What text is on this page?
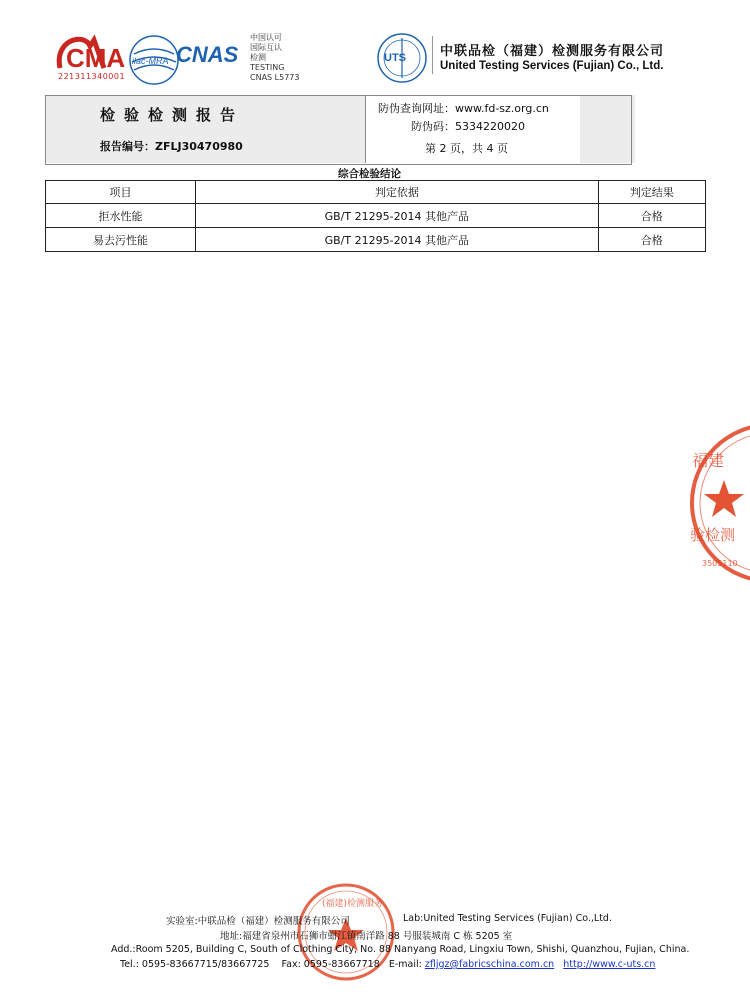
CMA
221311340001
ilac-MRA CNAS
中国认可
国际互认
检测
TESTING
CNAS L5773
UTS	中联品检（福建）检测服务有限公司
United Testing Services (Fujian) Co., Ltd.
检验检测报告
报告编号：ZFLJ30470980
防伪查询网址：www.fd-sz.org.cn
防伪码：5334220020
第 2 页，共 4 页
综合检验结论
项目	判定依据	判定结果
拒水性能	GB/T 21295-2014 其他产品	合格
易去污性能	GB/T 21295-2014 其他产品	合格
福建
验检测
3505110
(福建)检测服务
实验室:中联品检（福建）检测服务有限公司	Lab:United Testing Services (Fujian) Co.,Ltd.
地址:福建省泉州市石狮市蚶江镇南洋路 88 号服装城南 C 栋 5205 室
Add.:Room 5205, Building C, South of Clothing City, No. 88 Nanyang Road, Lingxiu Town, Shishi, Quanzhou, Fujian, China.
Tel.: 0595-83667715/83667725 Fax: 0595-83667718 E-mail: zfljgz@fabricschina.com.cn http://www.c-uts.cn
